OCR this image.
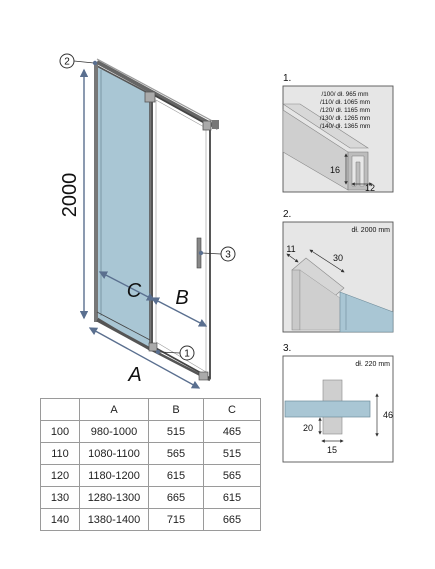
2000
A
C B
2
3
1
1.
/100/ dł. 965 mm
/110/ dł. 1065 mm
/120/ dł. 1165 mm
/130/ dł. 1265 mm
/140/ dł. 1365 mm
16
12
2.
dł. 2000 mm
11
30
3.
dł. 220 mm
46
20
15
	A	B	C
100	980-1000	515	465
110	1080-1100	565	515
120	1180-1200	615	565
130	1280-1300	665	615
140	1380-1400	715	665
